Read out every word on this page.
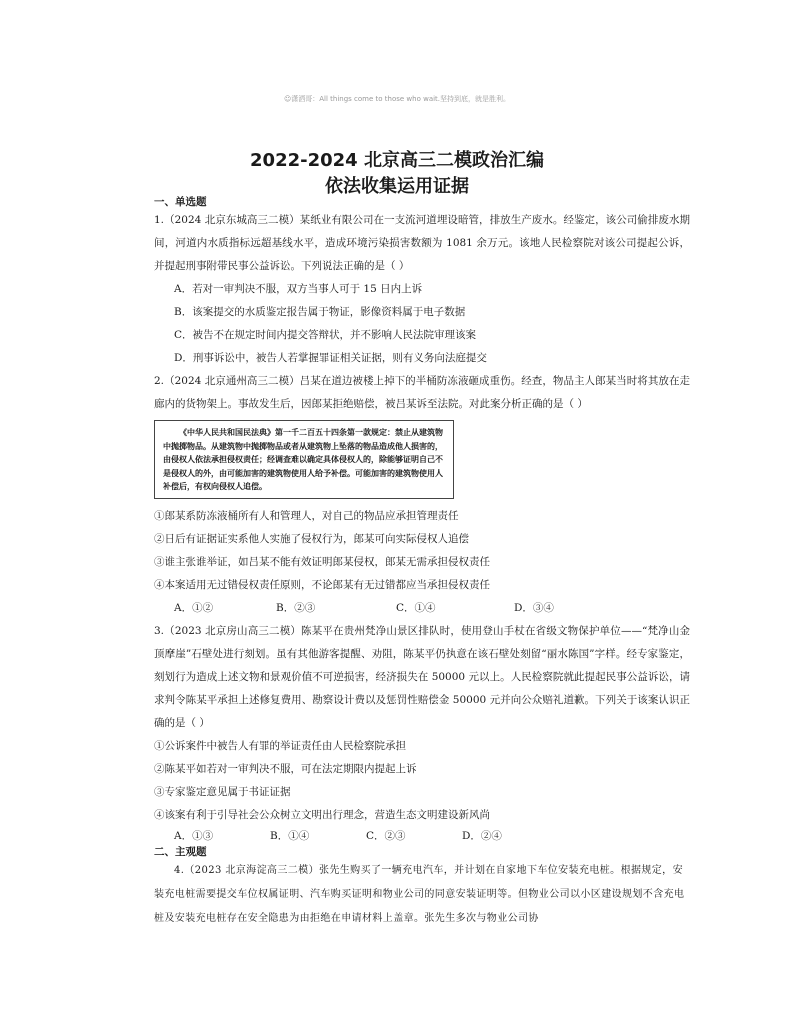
☺潇洒哥：All things come to those who wait.坚持到底，就是胜利。
2022-2024 北京高三二模政治汇编
依法收集运用证据
一、单选题

1.（2024 北京东城高三二模）某纸业有限公司在一支流河道埋设暗管，排放生产废水。经鉴定，该公司偷排废水期间，河道内水质指标远超基线水平，造成环境污染损害数额为 1081 余万元。该地人民检察院对该公司提起公诉，并提起刑事附带民事公益诉讼。下列说法正确的是（ ）

A．若对一审判决不服，双方当事人可于 15 日内上诉
B．该案提交的水质鉴定报告属于物证，影像资料属于电子数据
C．被告不在规定时间内提交答辩状，并不影响人民法院审理该案
D．刑事诉讼中，被告人若掌握罪证相关证据，则有义务向法庭提交

2.（2024 北京通州高三二模）吕某在道边被楼上掉下的半桶防冻液砸成重伤。经查，物品主人郎某当时将其放在走廊内的货物架上。事故发生后，因郎某拒绝赔偿，被吕某诉至法院。对此案分析正确的是（ ）

《中华人民共和国民法典》第一千二百五十四条第一款规定：禁止从建筑物中抛掷物品。从建筑物中抛掷物品或者从建筑物上坠落的物品造成他人损害的，由侵权人依法承担侵权责任；经调查难以确定具体侵权人的，除能够证明自己不是侵权人的外，由可能加害的建筑物使用人给予补偿。可能加害的建筑物使用人补偿后，有权向侵权人追偿。

①郎某系防冻液桶所有人和管理人，对自己的物品应承担管理责任

②日后有证据证实系他人实施了侵权行为，郎某可向实际侵权人追偿

③谁主张谁举证，如吕某不能有效证明郎某侵权，郎某无需承担侵权责任

④本案适用无过错侵权责任原则，不论郎某有无过错都应当承担侵权责任

A．①②	B．②③	C．①④	D．③④

3.（2023 北京房山高三二模）陈某平在贵州梵净山景区排队时，使用登山手杖在省级文物保护单位——“梵净山金顶摩崖”石壁处进行刻划。虽有其他游客提醒、劝阻，陈某平仍执意在该石壁处刻留“丽水陈国”字样。经专家鉴定，刻划行为造成上述文物和景观价值不可逆损害，经济损失在 50000 元以上。人民检察院就此提起民事公益诉讼，请求判令陈某平承担上述修复费用、勘察设计费以及惩罚性赔偿金 50000 元并向公众赔礼道歉。下列关于该案认识正确的是（ ）

①公诉案件中被告人有罪的举证责任由人民检察院承担

②陈某平如若对一审判决不服，可在法定期限内提起上诉

③专家鉴定意见属于书证证据

④该案有利于引导社会公众树立文明出行理念，营造生态文明建设新风尚

A．①③	B．①④	C．②③	D．②④
二、主观题

4.（2023 北京海淀高三二模）张先生购买了一辆充电汽车，并计划在自家地下车位安装充电桩。根据规定，安装充电桩需要提交车位权属证明、汽车购买证明和物业公司的同意安装证明等。但物业公司以小区建设规划不含充电桩及安装充电桩存在安全隐患为由拒绝在申请材料上盖章。张先生多次与物业公司协
